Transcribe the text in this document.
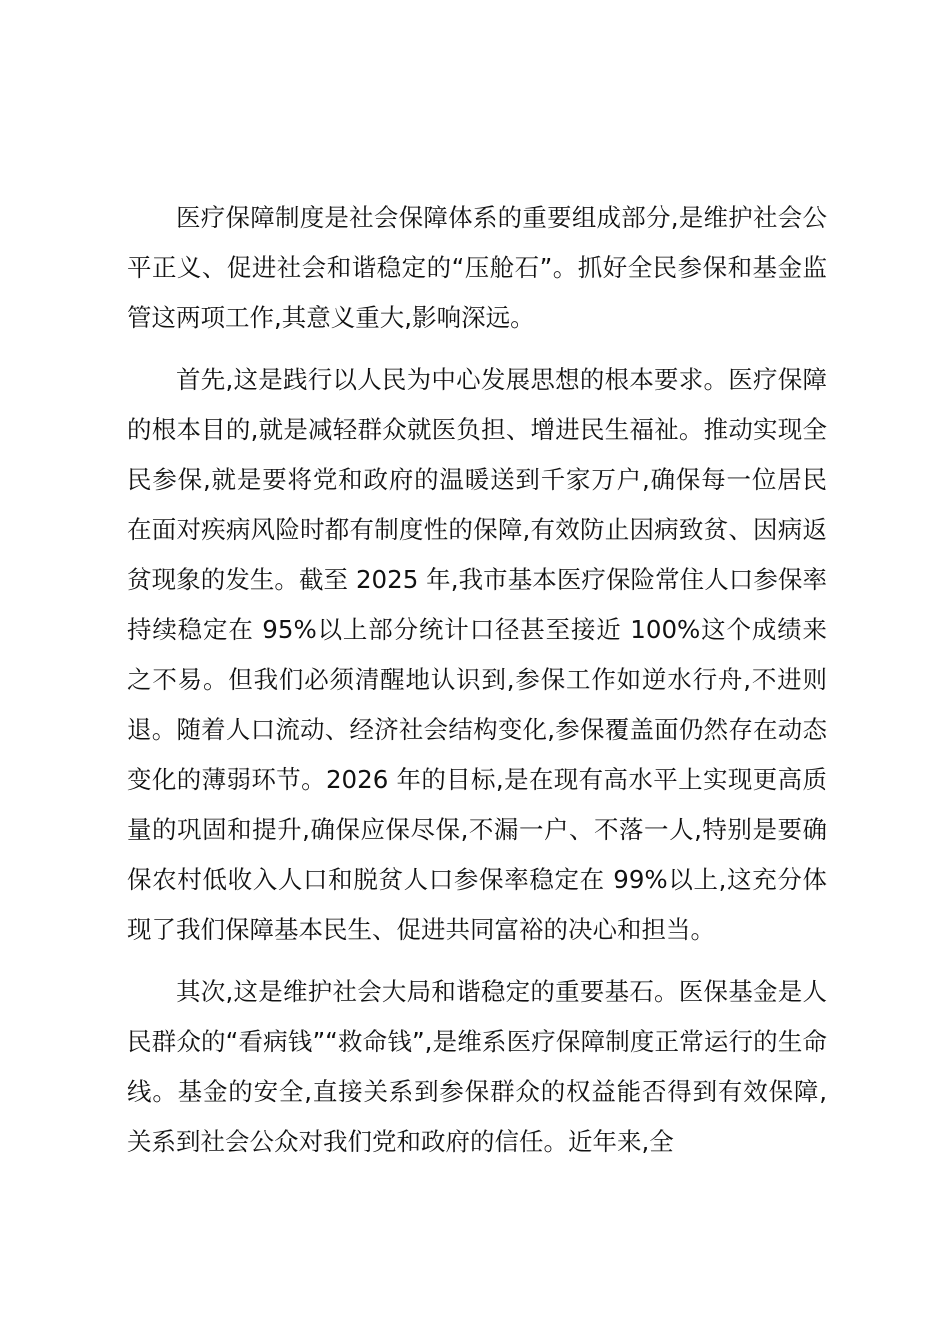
医疗保障制度是社会保障体系的重要组成部分,是维护社会公平正义、促进社会和谐稳定的“压舱石”。抓好全民参保和基金监管这两项工作,其意义重大,影响深远。

首先,这是践行以人民为中心发展思想的根本要求。医疗保障的根本目的,就是减轻群众就医负担、增进民生福祉。推动实现全民参保,就是要将党和政府的温暖送到千家万户,确保每一位居民在面对疾病风险时都有制度性的保障,有效防止因病致贫、因病返贫现象的发生。截至 2025 年,我市基本医疗保险常住人口参保率持续稳定在 95%以上部分统计口径甚至接近 100%这个成绩来之不易。但我们必须清醒地认识到,参保工作如逆水行舟,不进则退。随着人口流动、经济社会结构变化,参保覆盖面仍然存在动态变化的薄弱环节。2026 年的目标,是在现有高水平上实现更高质量的巩固和提升,确保应保尽保,不漏一户、不落一人,特别是要确保农村低收入人口和脱贫人口参保率稳定在 99%以上,这充分体现了我们保障基本民生、促进共同富裕的决心和担当。

其次,这是维护社会大局和谐稳定的重要基石。医保基金是人民群众的“看病钱”“救命钱”,是维系医疗保障制度正常运行的生命线。基金的安全,直接关系到参保群众的权益能否得到有效保障,关系到社会公众对我们党和政府的信任。近年来,全
